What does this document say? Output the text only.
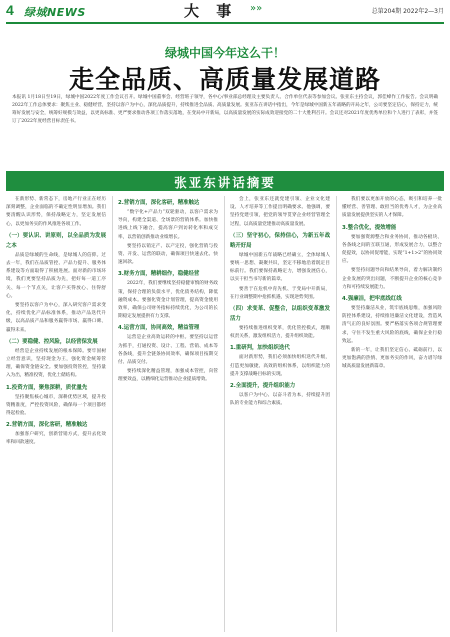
4 绿城NEWS	大 事 »»	总第204期 2022年2—3月
绿城中国今年这么干！
走全品质、高质量发展道路
本报讯 1月18日至19日，绿城中国2022年度工作会议召开。绿城中国董事会、经营班子领导，各中心/事业部总经理及主要负责人、合作单位代表等参加会议。张亚东主持会议，郭佳峰作工作报告。会议明确2022年工作总体要求：聚焦主业、稳健经营，坚持以客户为中心，深化品质提升，持续推进全品质、高质量发展。张亚东在讲话中指出，今年是绿城中国新五年战略的开局之年，公司要坚定信心，保持定力，统筹好发展与安全，统筹好规模与效益，以更高标准、更严要求推动各项工作落实落地，在变局中开新局，以高质量发展的实际成效迎接党的二十大胜利召开。会议还对2021年度优秀单位和个人进行了表彰，并签订了2022年度经营目标责任书。
张亚东讲话摘要

在新形势、新常态下，房地产行业正在经历深刻调整，企业面临的不确定性明显增加。我们要清醒认识形势，保持战略定力，坚定发展信心，以更加务实的作风推进各项工作。

（一）要认识、讲原则，以全品质为发展之本

品质是绿城的生命线，是绿城人的信仰。过去一年，我们在品质管控、产品力提升、服务体系建设等方面取得了积极进展。面对新的市场环境，我们更要坚持品质为先，把好每一道工序关、每一个节点关，让客户买得放心、住得舒心。

要坚持以客户为中心，深入研究客户需求变化，持续优化产品标准体系，推动产品迭代升级，以高品质产品和服务赢得市场、赢得口碑、赢得未来。

（二）要稳健、控风险，以经营保发展

经营是企业持续发展的根本保障。要牢固树立经营意识，坚持现金为王，强化资金统筹管理，确保资金链安全。要加强投资管控，坚持量入为出，精准投资，优化土储结构。

1.投资方面，聚焦深耕，质优量先

坚持聚焦核心城市，深耕优势区域，提升投资精准度，严控投资风险，确保每一个项目都经得起检验。

2.营销方面，深化客研，精准触达

加强客户研究，创新营销方式，提升去化效率和回款速度。

2.营销方面，深化客研，精准触达

“数字化+产品力”双轮驱动，以客户需求为导向，构建全渠道、全场景的营销体系。加快推进线上线下融合，提高客户到访转化率和成交率，以营销创新推动业绩增长。

要坚持以销定产、以产定投，强化营销与投资、开发、运营的联动，确保项目快速去化、快速回款。

3.财务方面，精耕细作，稳健经营

2022年，我们要继续坚持稳健审慎的财务政策，保持合理的负债水平，优化债务结构，降低融资成本。要强化资金计划管理，提高资金使用效率，确保公司财务指标持续优化，为公司的长期稳定发展提供有力支撑。

4.运营方面，协同高效，精益管理

运营是企业高效运转的中枢。要坚持以运营为抓手，打通投资、设计、工程、营销、成本等各条线，提升全链条协同效率，确保项目按期交付、品质交付。

要持续深化精益管理，加强成本管控，向管理要效益，以精细化运营推动企业提质增效。

会上，张亚东还就党建引领、企业文化建设、人才培养等工作提出明确要求。他强调，要坚持党建引领，把党的领导贯穿企业经营管理全过程，以高质量党建推动高质量发展。

（三）坚守初心，保持信心，为新五年战略开好局

绿城中国新五年战略已经确立，全体绿城人要统一思想、凝聚共识，坚定不移地沿着既定目标前行。我们要保持战略定力，增强发展信心，以实干担当书写新的篇章。

要善于在危机中育先机、于变局中开新局，在行业调整期中抢抓机遇，实现逆势突围。

（四）求变革、促整合，以组织变革激发活力

要持续推进组织变革，优化管控模式，理顺权责关系，激发组织活力，提升组织效能。

1.重研判，加快组织迭代

面对新形势，我们必须加快组织迭代升级，打造更加敏捷、高效的组织体系，以组织能力的提升支撑战略目标的实现。

2.全面提升，提升组织能力

以客户为中心、以奋斗者为本，持续提升团队的专业能力和综合素质。

我们要以更加开放的心态，吸引和培养一批懂经营、善管理、敢担当的优秀人才，为企业高质量发展提供坚实的人才保障。

3.整合优化，提效增能

要加强资源整合和业务协同，推动各板块、各条线之间的互联互通，形成发展合力，以整合促提效，以协同促增能，实现“1+1>2”的协同效应。

要坚持问题导向和结果导向，着力解决制约企业发展的突出问题，不断提升企业的核心竞争力和可持续发展能力。

4.强廉洁，把牢底线红线

要坚持廉洁从业，筑牢底线思维，加强风险防控体系建设，持续推进廉洁文化建设，营造风清气正的良好氛围。要严格落实各项合规管理要求，守住不发生重大风险的底线，确保企业行稳致远。

新的一年，让我们坚定信心、砥砺前行，以更加饱满的热情、更加务实的作风，奋力谱写绿城高质量发展新篇章。
